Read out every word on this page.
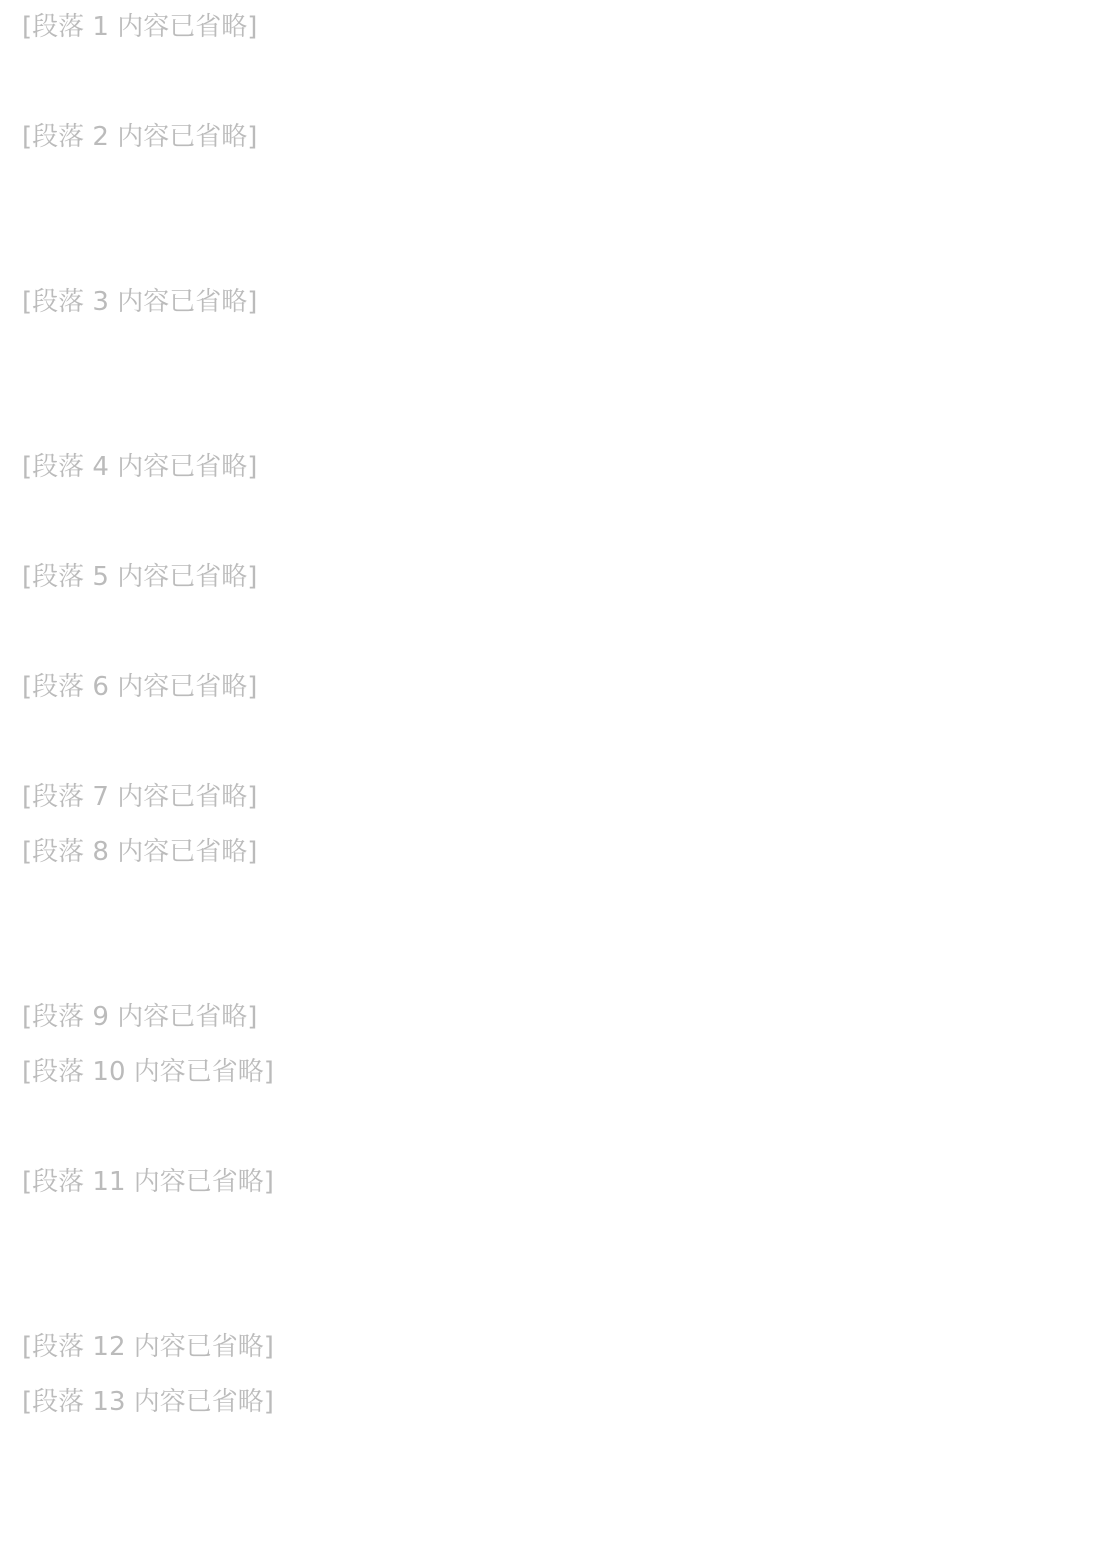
[段落 1 内容已省略]

[段落 2 内容已省略]

[段落 3 内容已省略]

[段落 4 内容已省略]

[段落 5 内容已省略]

[段落 6 内容已省略]

[段落 7 内容已省略]

[段落 8 内容已省略]

[段落 9 内容已省略]

[段落 10 内容已省略]

[段落 11 内容已省略]

[段落 12 内容已省略]

[段落 13 内容已省略]
